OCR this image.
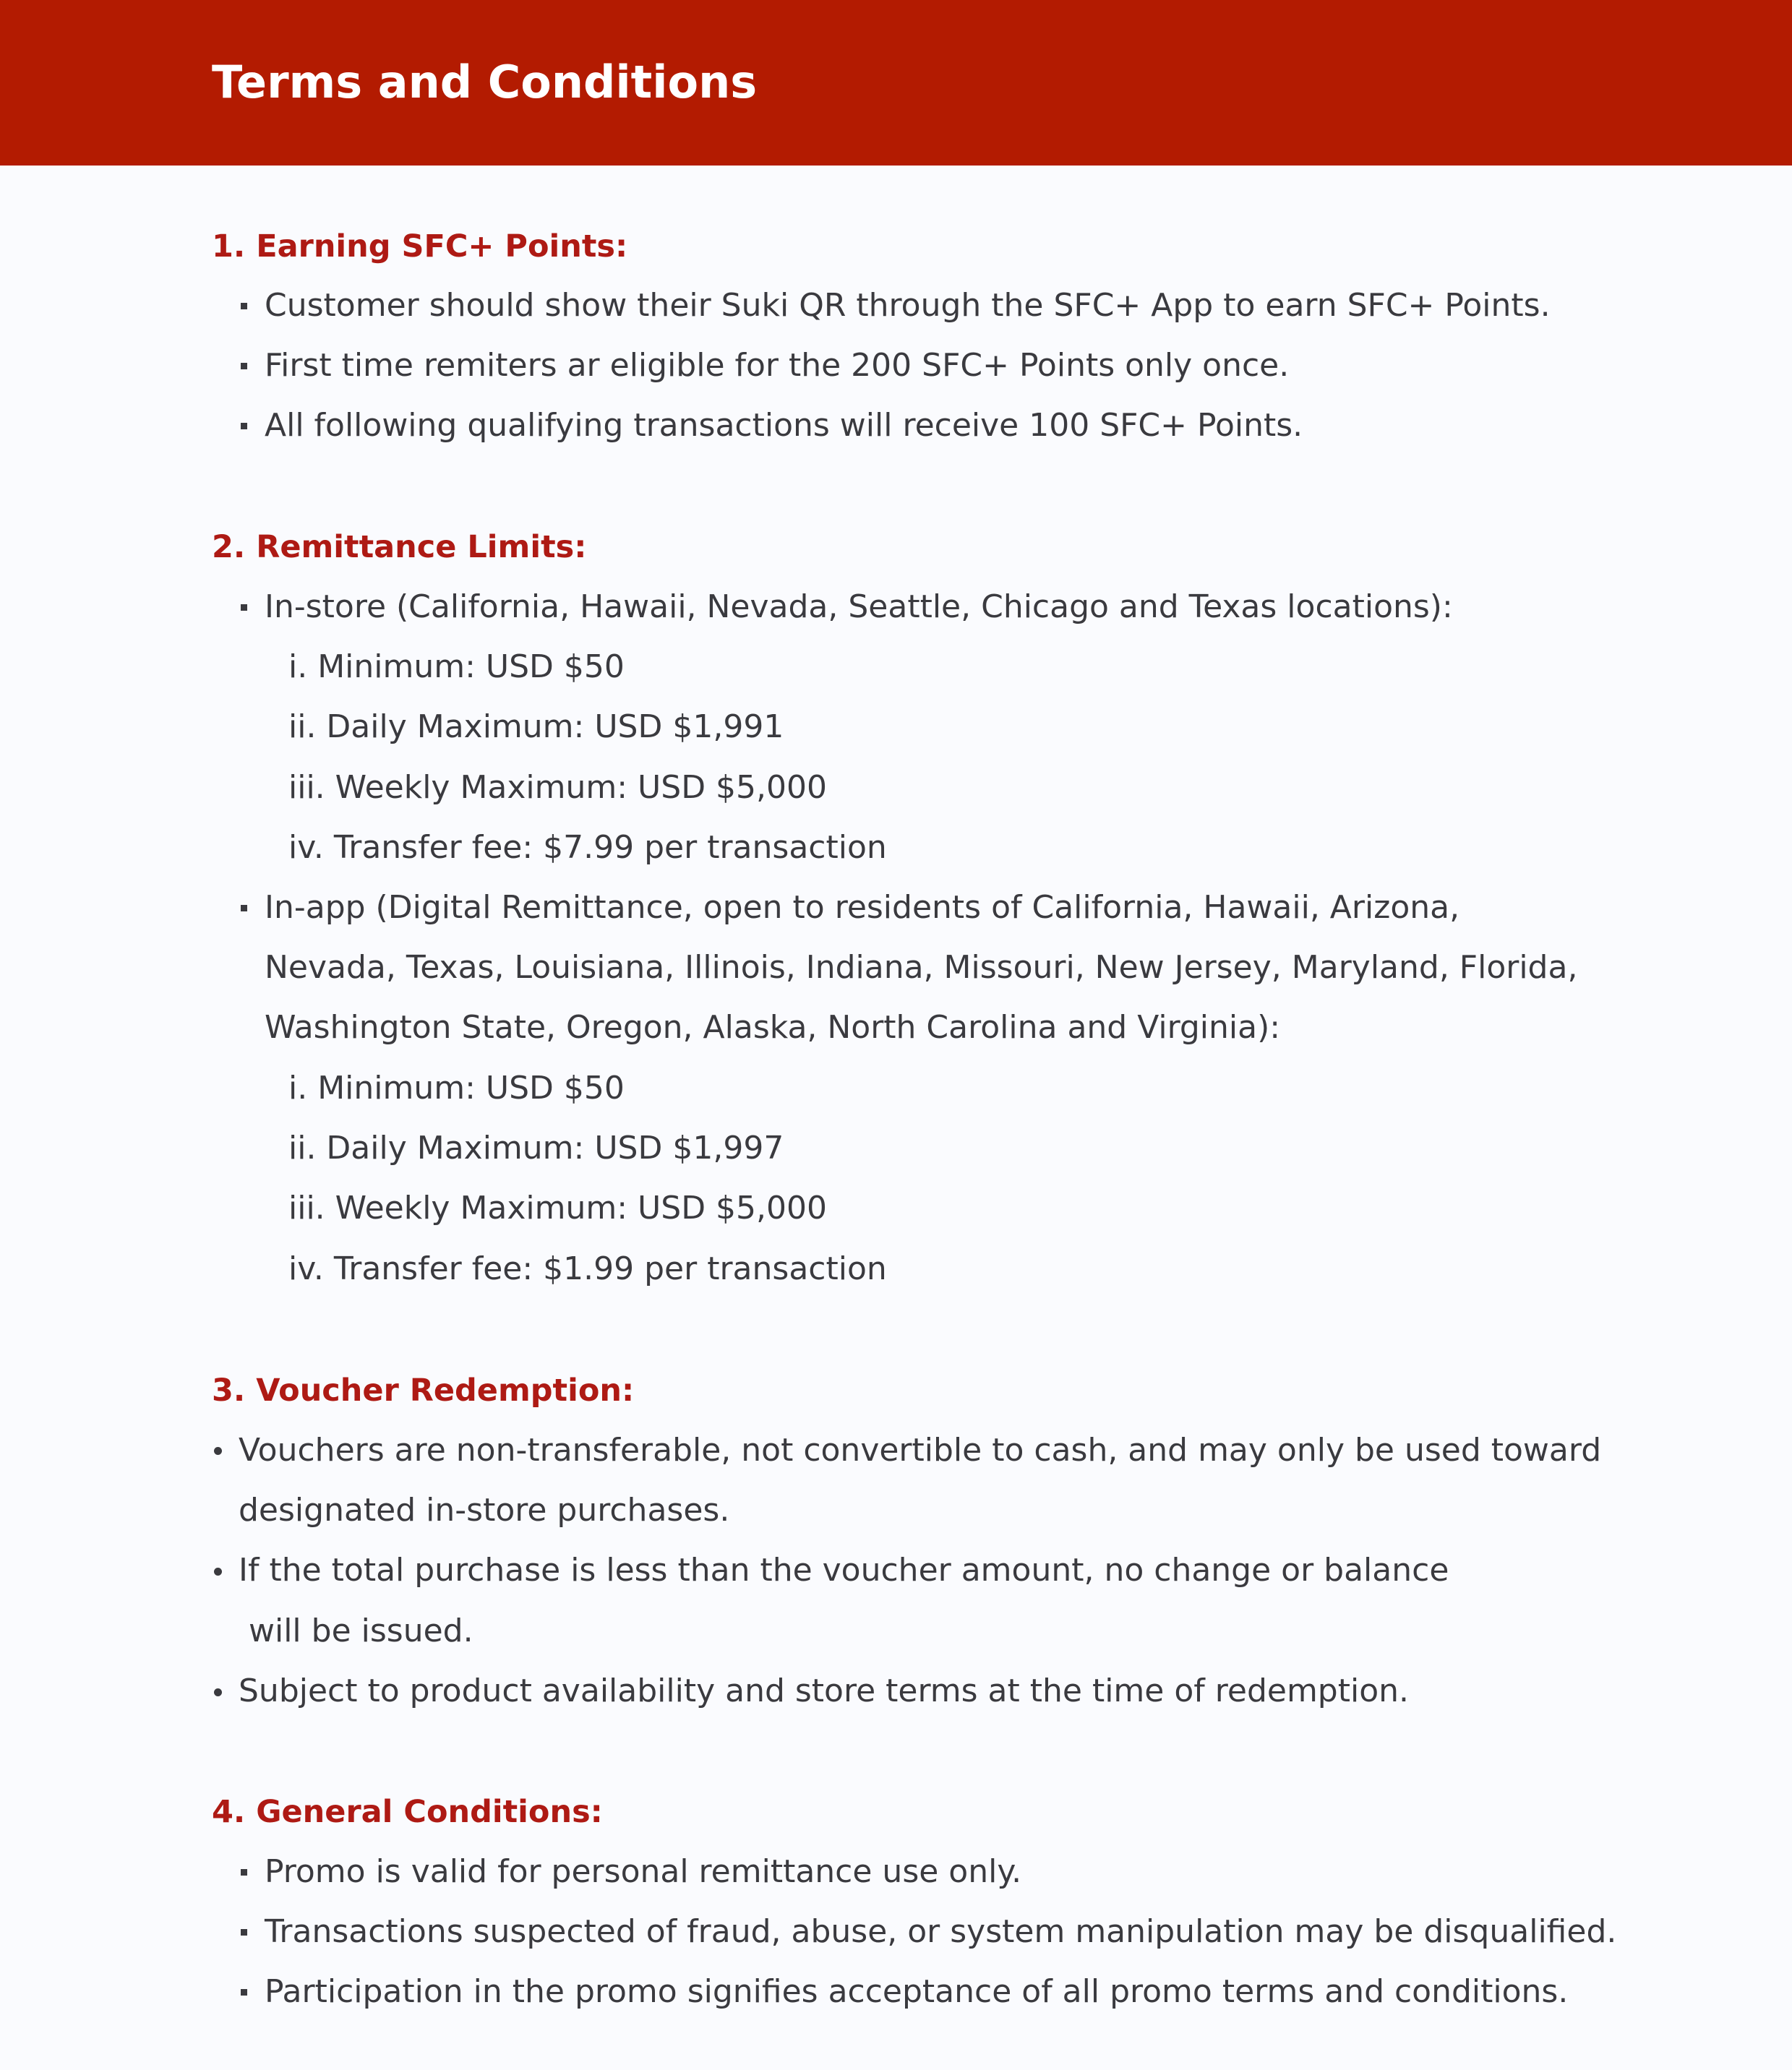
Terms and Conditions
1. Earning SFC+ Points:
Customer should show their Suki QR through the SFC+ App to earn SFC+ Points.
First time remiters ar eligible for the 200 SFC+ Points only once.
All following qualifying transactions will receive 100 SFC+ Points.
2. Remittance Limits:
In-store (California, Hawaii, Nevada, Seattle, Chicago and Texas locations):
i. Minimum: USD $50
ii. Daily Maximum: USD $1,991
iii. Weekly Maximum: USD $5,000
iv. Transfer fee: $7.99 per transaction
In-app (Digital Remittance, open to residents of California, Hawaii, Arizona,
Nevada, Texas, Louisiana, Illinois, Indiana, Missouri, New Jersey, Maryland, Florida,
Washington State, Oregon, Alaska, North Carolina and Virginia):
i. Minimum: USD $50
ii. Daily Maximum: USD $1,997
iii. Weekly Maximum: USD $5,000
iv. Transfer fee: $1.99 per transaction
3. Voucher Redemption:
Vouchers are non-transferable, not convertible to cash, and may only be used toward
designated in-store purchases.
If the total purchase is less than the voucher amount, no change or balance
will be issued.
Subject to product availability and store terms at the time of redemption.
4. General Conditions:
Promo is valid for personal remittance use only.
Transactions suspected of fraud, abuse, or system manipulation may be disqualified.
Participation in the promo signifies acceptance of all promo terms and conditions.
